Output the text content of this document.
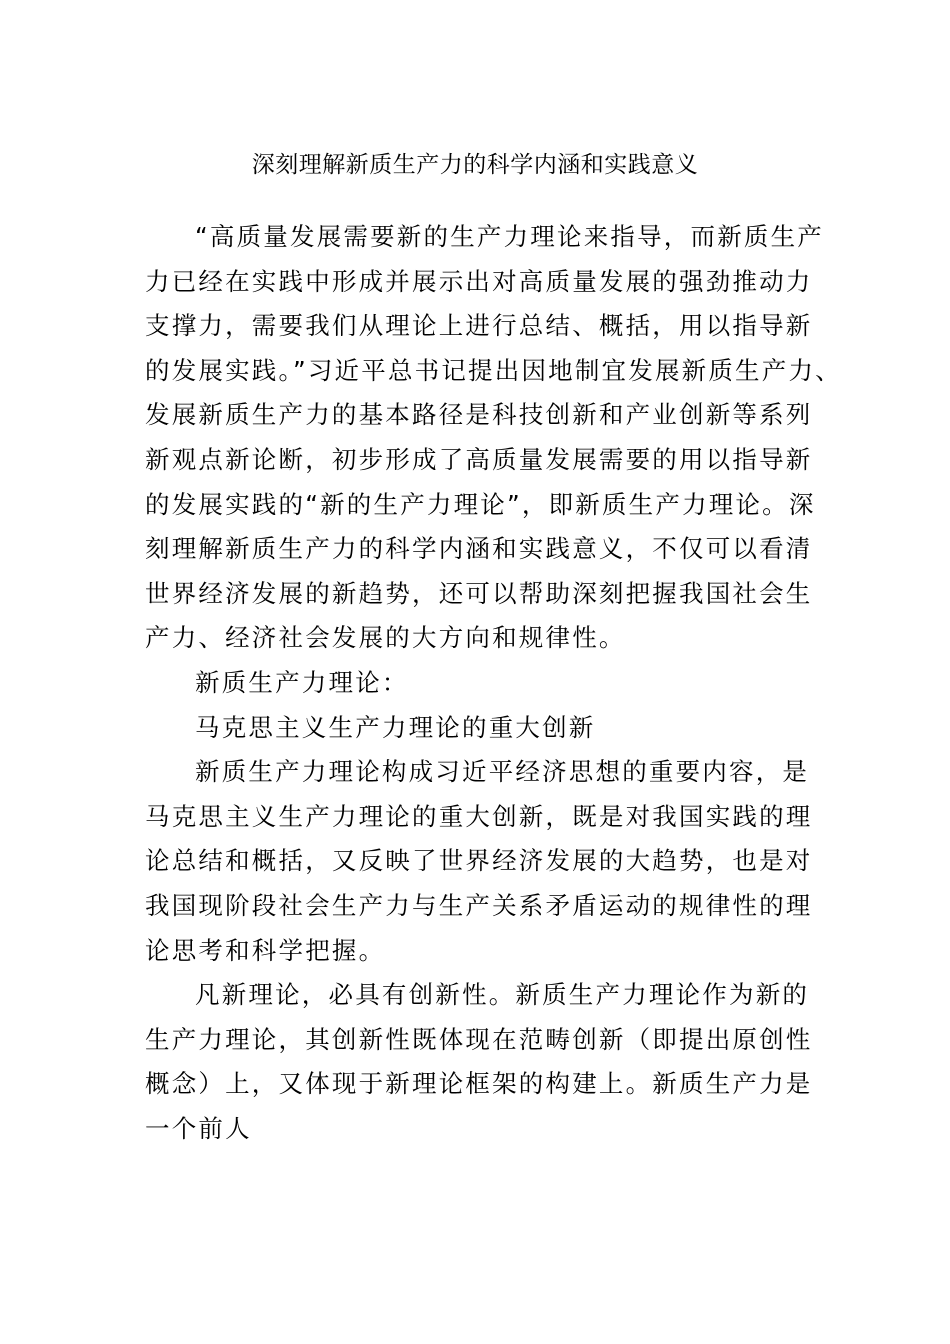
深刻理解新质生产力的科学内涵和实践意义
“高质量发展需要新的生产力理论来指导，而新质生产
力已经在实践中形成并展示出对高质量发展的强劲推动力
支撑力，需要我们从理论上进行总结、概括，用以指导新
的发展实践。”习近平总书记提出因地制宜发展新质生产力、
发展新质生产力的基本路径是科技创新和产业创新等系列
新观点新论断，初步形成了高质量发展需要的用以指导新
的发展实践的“新的生产力理论”，即新质生产力理论。深
刻理解新质生产力的科学内涵和实践意义，不仅可以看清
世界经济发展的新趋势，还可以帮助深刻把握我国社会生
产力、经济社会发展的大方向和规律性。
新质生产力理论：
马克思主义生产力理论的重大创新
新质生产力理论构成习近平经济思想的重要内容，是
马克思主义生产力理论的重大创新，既是对我国实践的理
论总结和概括，又反映了世界经济发展的大趋势，也是对
我国现阶段社会生产力与生产关系矛盾运动的规律性的理
论思考和科学把握。
凡新理论，必具有创新性。新质生产力理论作为新的
生产力理论，其创新性既体现在范畴创新（即提出原创性
概念）上，又体现于新理论框架的构建上。新质生产力是
一个前人
